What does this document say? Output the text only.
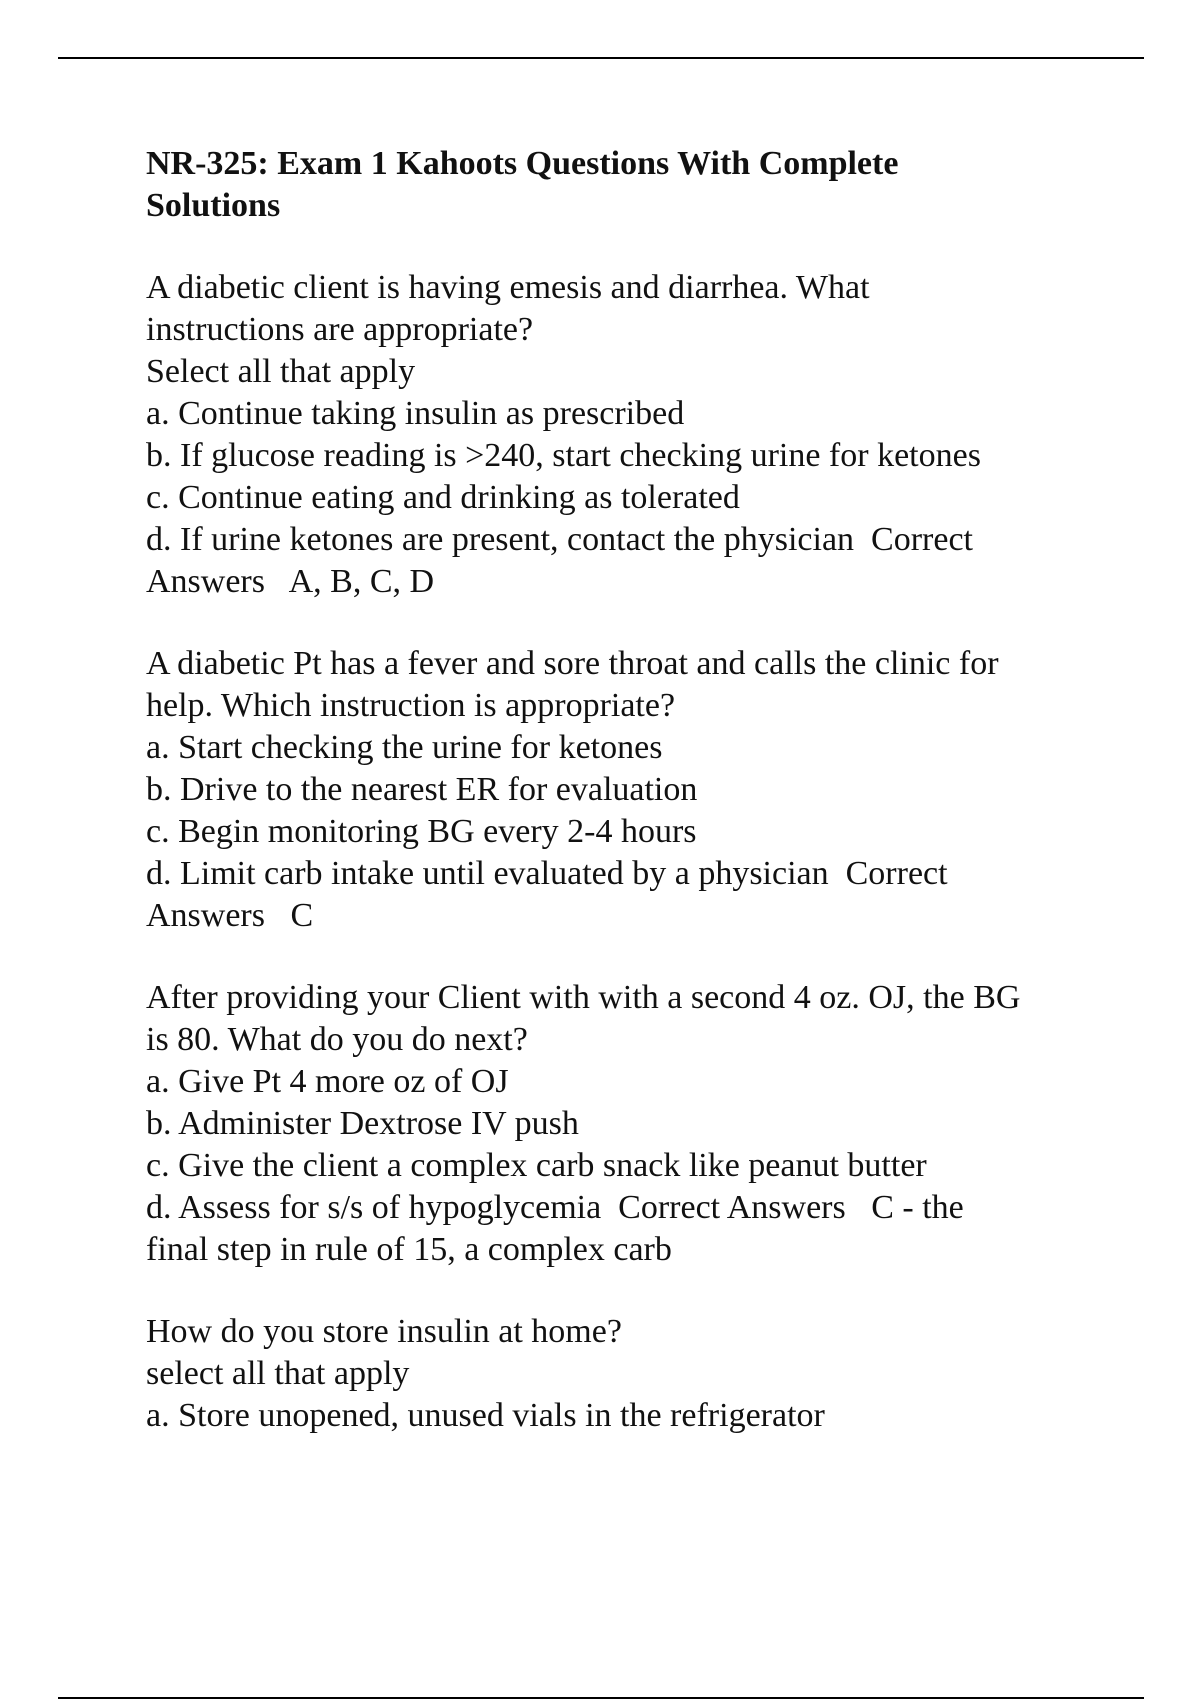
NR-325: Exam 1 Kahoots Questions With Complete
Solutions
A diabetic client is having emesis and diarrhea. What
instructions are appropriate?
Select all that apply
a. Continue taking insulin as prescribed
b. If glucose reading is >240, start checking urine for ketones
c. Continue eating and drinking as tolerated
d. If urine ketones are present, contact the physician  Correct
Answers   A, B, C, D
A diabetic Pt has a fever and sore throat and calls the clinic for
help. Which instruction is appropriate?
a. Start checking the urine for ketones
b. Drive to the nearest ER for evaluation
c. Begin monitoring BG every 2-4 hours
d. Limit carb intake until evaluated by a physician  Correct
Answers   C
After providing your Client with with a second 4 oz. OJ, the BG
is 80. What do you do next?
a. Give Pt 4 more oz of OJ
b. Administer Dextrose IV push
c. Give the client a complex carb snack like peanut butter
d. Assess for s/s of hypoglycemia  Correct Answers   C - the
final step in rule of 15, a complex carb
How do you store insulin at home?
select all that apply
a. Store unopened, unused vials in the refrigerator
